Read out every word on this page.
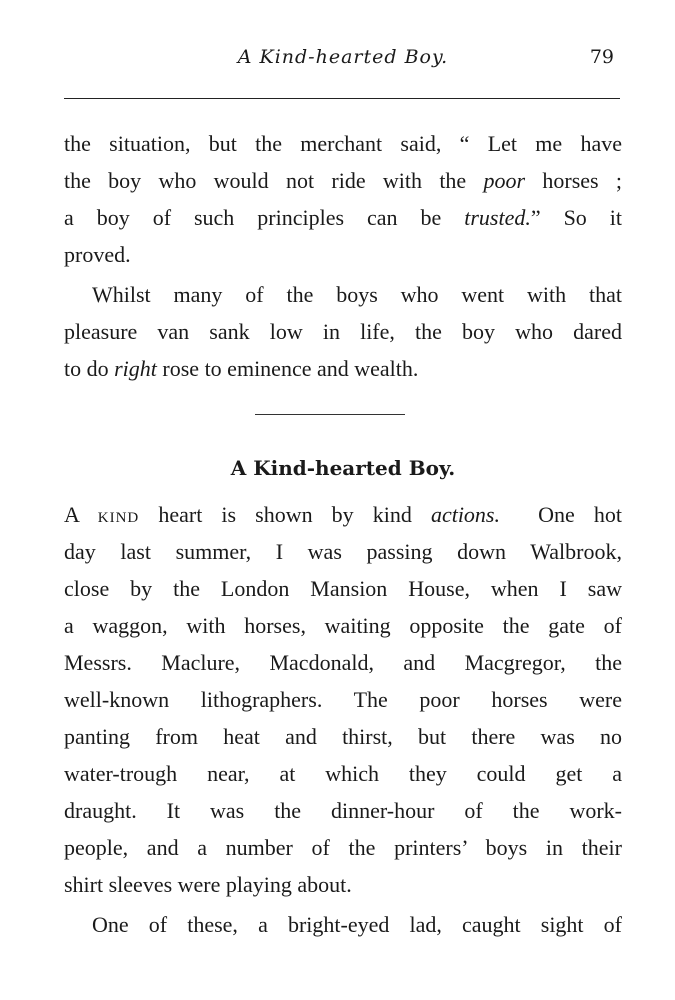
A Kind-hearted Boy.	79
the situation, but the merchant said, “ Let me have
the boy who would not ride with the poor horses ;
a boy of such principles can be trusted.” So it
proved.
Whilst many of the boys who went with that
pleasure van sank low in life, the boy who dared
to do right rose to eminence and wealth.
A Kind-hearted Boy.
A kind heart is shown by kind actions. One hot
day last summer, I was passing down Walbrook,
close by the London Mansion House, when I saw
a waggon, with horses, waiting opposite the gate of
Messrs. Maclure, Macdonald, and Macgregor, the
well-known lithographers. The poor horses were
panting from heat and thirst, but there was no
water-trough near, at which they could get a
draught. It was the dinner-hour of the work-
people, and a number of the printers’ boys in their
shirt sleeves were playing about.
One of these, a bright-eyed lad, caught sight of
